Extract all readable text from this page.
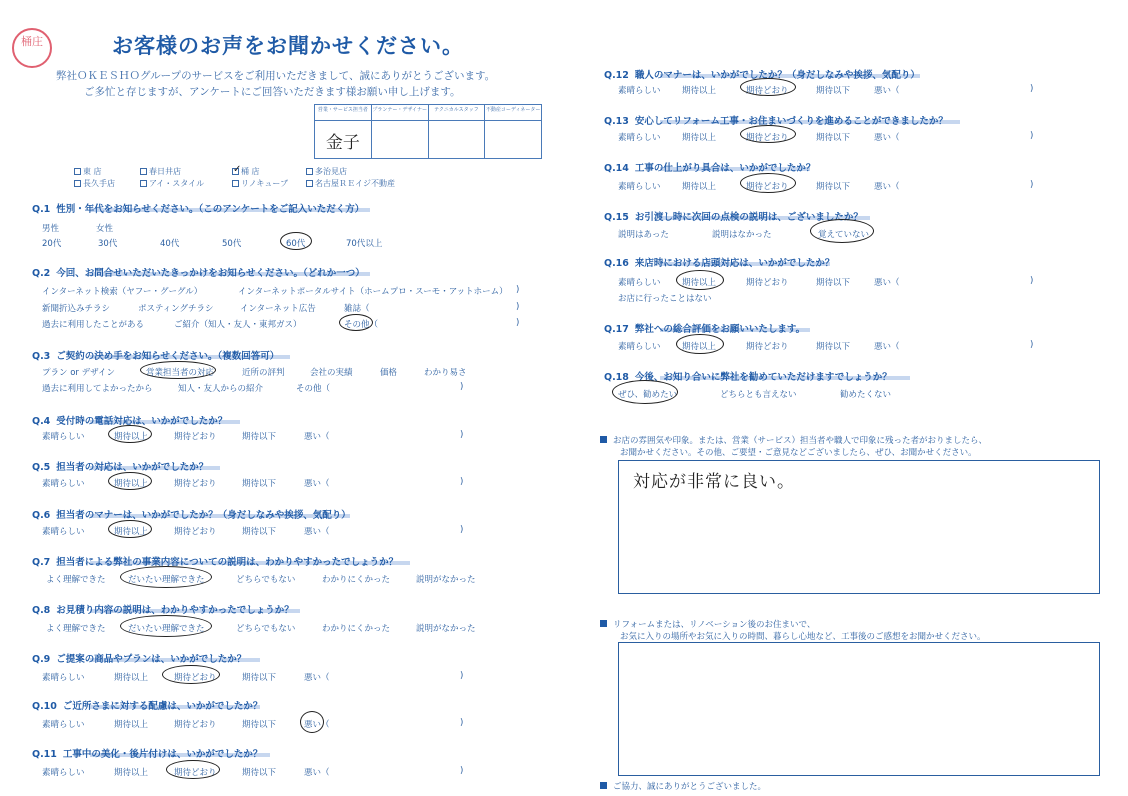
桶庄	お客様のお声をお聞かせください。
弊社ＯＫＥＳＨＯグループのサービスをご利用いただきまして、誠にありがとうございます。
ご多忙と存じますが、アンケートにご回答いただきます様お願い申し上げます。
営業・サービス担当者	プランナー・デザイナー	テクニカルスタッフ	不動産コーディネーター
金子			
東 店	春日井店	✓ 桶 店	多治見店
長久手店	アイ・スタイル	リノキューブ	名古屋ＲＥイジ不動産
Q.1 性別・年代をお知らせください。（このアンケートをご記入いただく方）
男性	女性
20代	30代	40代	50代	60代	70代以上
Q.2 今回、お問合せいただいたきっかけをお知らせください。（どれか一つ）
インターネット検索（ヤフー・グーグル）	インターネットポータルサイト（ホームプロ・スーモ・アットホーム） )
新聞折込みチラシ	ポスティングチラシ	インターネット広告	雑誌（	)
過去に利用したことがある	ご紹介（知人・友人・東邦ガス）	その他（	)
Q.3 ご契約の決め手をお知らせください。（複数回答可）
プラン or デザイン	営業担当者の対応	近所の評判	会社の実績	価格	わかり易さ
過去に利用してよかったから	知人・友人からの紹介	その他（	)
Q.4 受付時の電話対応は、いかがでしたか？
素晴らしい	期待以上	期待どおり	期待以下	悪い（	)
Q.5 担当者の対応は、いかがでしたか？
素晴らしい	期待以上	期待どおり	期待以下	悪い（	)
Q.6 担当者のマナーは、いかがでしたか？（身だしなみや挨拶、気配り）
素晴らしい	期待以上	期待どおり	期待以下	悪い（	)
Q.7 担当者による弊社の事業内容についての説明は、わかりやすかったでしょうか？
よく理解できた	だいたい理解できた	どちらでもない	わかりにくかった	説明がなかった
Q.8 お見積り内容の説明は、わかりやすかったでしょうか？
よく理解できた	だいたい理解できた	どちらでもない	わかりにくかった	説明がなかった
Q.9 ご提案の商品やプランは、いかがでしたか？
素晴らしい	期待以上	期待どおり	期待以下	悪い（	)
Q.10 ご近所さまに対する配慮は、いかがでしたか？
素晴らしい	期待以上	期待どおり	期待以下	悪い（	)
Q.11 工事中の美化・後片付けは、いかがでしたか？
素晴らしい	期待以上	期待どおり	期待以下	悪い（	)
Q.12 職人のマナーは、いかがでしたか？（身だしなみや挨拶、気配り）
素晴らしい	期待以上	期待どおり	期待以下	悪い（	)
Q.13 安心してリフォーム工事・お住まいづくりを進めることができましたか？
素晴らしい	期待以上	期待どおり	期待以下	悪い（	)
Q.14 工事の仕上がり具合は、いかがでしたか？
素晴らしい	期待以上	期待どおり	期待以下	悪い（	)
Q.15 お引渡し時に次回の点検の説明は、ございましたか？
説明はあった	説明はなかった	覚えていない
Q.16 来店時における店頭対応は、いかがでしたか？
素晴らしい	期待以上	期待どおり	期待以下	悪い（	)
お店に行ったことはない
Q.17 弊社への総合評価をお願いいたします。
素晴らしい	期待以上	期待どおり	期待以下	悪い（	)
Q.18 今後、お知り合いに弊社を勧めていただけますでしょうか？
ぜひ、勧めたい	どちらとも言えない	勧めたくない
お店の雰囲気や印象。または、営業（サービス）担当者や職人で印象に残った者がおりましたら、
お聞かせください。その他、ご要望・ご意見などございましたら、ぜひ、お聞かせください。
対応が非常に良い。
リフォームまたは、リノベーション後のお住まいで、
お気に入りの場所やお気に入りの時間、暮らし心地など、工事後のご感想をお聞かせください。
ご協力、誠にありがとうございました。
